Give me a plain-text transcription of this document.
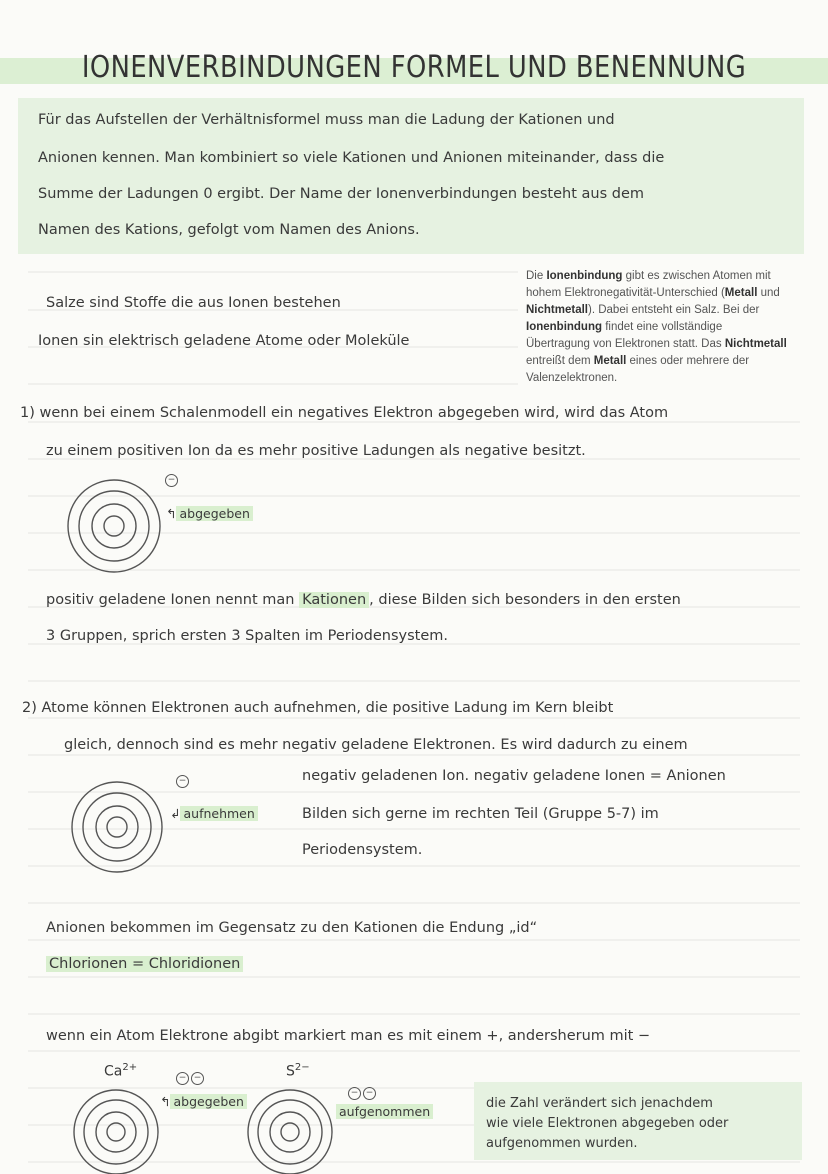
IONENVERBINDUNGEN FORMEL UND BENENNUNG
Für das Aufstellen der Verhältnisformel muss man die Ladung der Kationen und
Anionen kennen. Man kombiniert so viele Kationen und Anionen miteinander, dass die
Summe der Ladungen 0 ergibt. Der Name der Ionenverbindungen besteht aus dem
Namen des Kations, gefolgt vom Namen des Anions.
Salze sind Stoffe die aus Ionen bestehen
Ionen sin elektrisch geladene Atome oder Moleküle
Die Ionenbindung gibt es zwischen Atomen mit hohem Elektronegativität-Unterschied (Metall und Nichtmetall). Dabei entsteht ein Salz. Bei der Ionenbindung findet eine vollständige Übertragung von Elektronen statt. Das Nichtmetall entreißt dem Metall eines oder mehrere der Valenzelektronen.
1) wenn bei einem Schalenmodell ein negatives Elektron abgegeben wird, wird das Atom
zu einem positiven Ion da es mehr positive Ladungen als negative besitzt.
−
↰ abgegeben
positiv geladene Ionen nennt man Kationen , diese Bilden sich besonders in den ersten
3 Gruppen, sprich ersten 3 Spalten im Periodensystem.
2) Atome können Elektronen auch aufnehmen, die positive Ladung im Kern bleibt
gleich, dennoch sind es mehr negativ geladene Elektronen. Es wird dadurch zu einem
negativ geladenen Ion. negativ geladene Ionen = Anionen
Bilden sich gerne im rechten Teil (Gruppe 5-7) im
Periodensystem.
−
↲ aufnehmen
Anionen bekommen im Gegensatz zu den Kationen die Endung „id“
Chlorionen = Chloridionen
wenn ein Atom Elektrone abgibt markiert man es mit einem +, andersherum mit −
$Ca^{2+}$
− −
↰ abgegeben
$S^{2-}$
− −
aufgenommen
die Zahl verändert sich jenachdem
wie viele Elektronen abgegeben oder
aufgenommen wurden.
